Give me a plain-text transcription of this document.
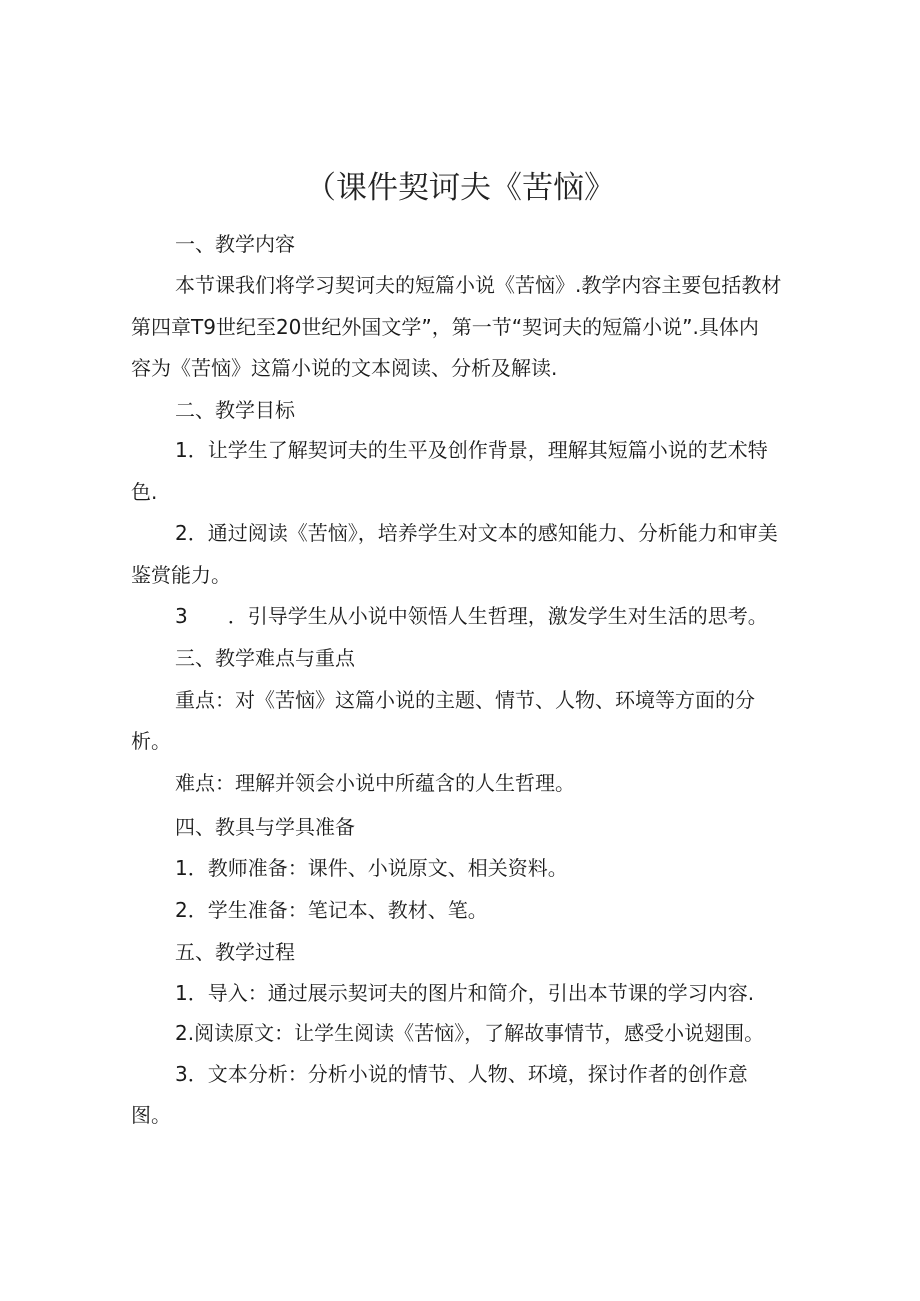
（课件契诃夫《苦恼》
一、教学内容
本节课我们将学习契诃夫的短篇小说《苦恼》.教学内容主要包括教材
第四章T9世纪至20世纪外国文学”，第一节“契诃夫的短篇小说”.具体内
容为《苦恼》这篇小说的文本阅读、分析及解读.
二、教学目标
1．让学生了解契诃夫的生平及创作背景，理解其短篇小说的艺术特
色.
2．通过阅读《苦恼》，培养学生对文本的感知能力、分析能力和审美
鉴赏能力。
3　　．引导学生从小说中领悟人生哲理，激发学生对生活的思考。
三、教学难点与重点
重点：对《苦恼》这篇小说的主题、情节、人物、环境等方面的分
析。
难点：理解并领会小说中所蕴含的人生哲理。
四、教具与学具准备
1．教师准备：课件、小说原文、相关资料。
2．学生准备：笔记本、教材、笔。
五、教学过程
1．导入：通过展示契诃夫的图片和简介，引出本节课的学习内容.
2.阅读原文：让学生阅读《苦恼》，了解故事情节，感受小说翅围。
3．文本分析：分析小说的情节、人物、环境，探讨作者的创作意
图。
